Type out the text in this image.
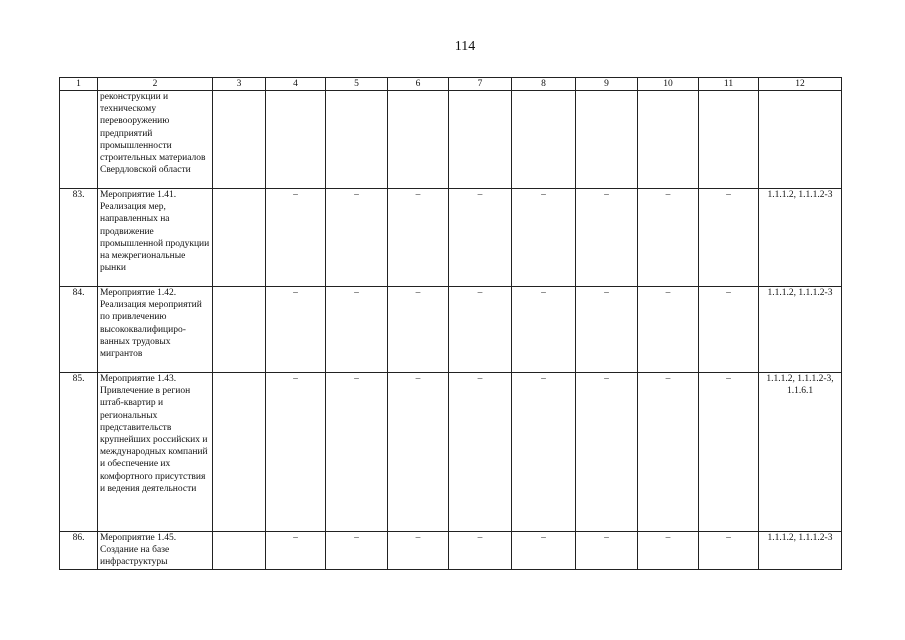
114
1	2	3	4	5	6	7	8	9	10	11	12
	реконструкции и техническому перевооружению предприятий промышленности строительных материалов Свердловской области										
83.	Мероприятие 1.41. Реализация мер, направленных на продвижение промышленной продукции на межрегиональные рынки		–	–	–	–	–	–	–	–	1.1.1.2, 1.1.1.2-3
84.	Мероприятие 1.42. Реализация мероприятий по привлечению высококвалифициро-ванных трудовых мигрантов		–	–	–	–	–	–	–	–	1.1.1.2, 1.1.1.2-3
85.	Мероприятие 1.43. Привлечение в регион штаб-квартир и региональных представительств крупнейших российских и международных компаний и обеспечение их комфортного присутствия и ведения деятельности		–	–	–	–	–	–	–	–	1.1.1.2, 1.1.1.2-3, 1.1.6.1
86.	Мероприятие 1.45. Создание на базе инфраструктуры		–	–	–	–	–	–	–	–	1.1.1.2, 1.1.1.2-3
